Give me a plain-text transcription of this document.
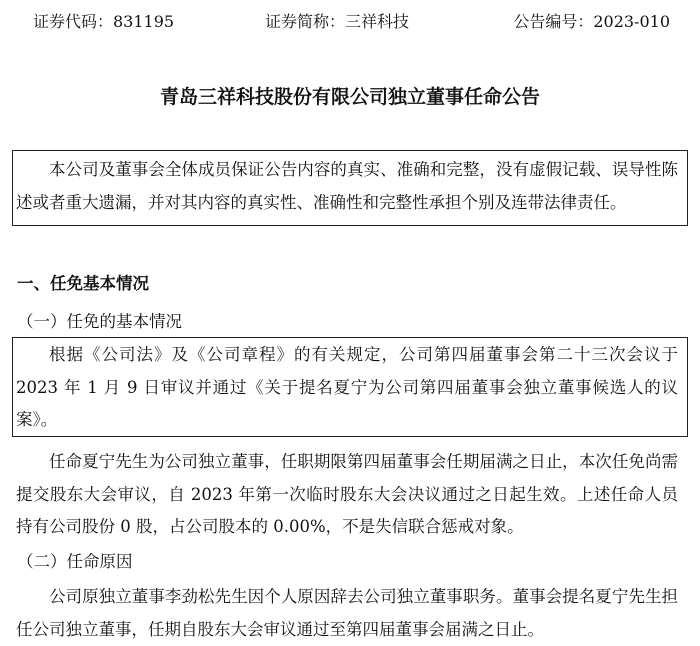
证券代码：831195	证券简称：三祥科技	公告编号：2023-010
青岛三祥科技股份有限公司独立董事任命公告
本公司及董事会全体成员保证公告内容的真实、准确和完整，没有虚假记载、误导性陈述或者重大遗漏，并对其内容的真实性、准确性和完整性承担个别及连带法律责任。
一、任免基本情况
（一）任免的基本情况
根据《公司法》及《公司章程》的有关规定，公司第四届董事会第二十三次会议于 2023 年 1 月 9 日审议并通过《关于提名夏宁为公司第四届董事会独立董事候选人的议案》。
任命夏宁先生为公司独立董事，任职期限第四届董事会任期届满之日止，本次任免尚需提交股东大会审议，自 2023 年第一次临时股东大会决议通过之日起生效。上述任命人员持有公司股份 0 股，占公司股本的 0.00%，不是失信联合惩戒对象。
（二）任命原因
公司原独立董事李劲松先生因个人原因辞去公司独立董事职务。董事会提名夏宁先生担任公司独立董事，任期自股东大会审议通过至第四届董事会届满之日止。
